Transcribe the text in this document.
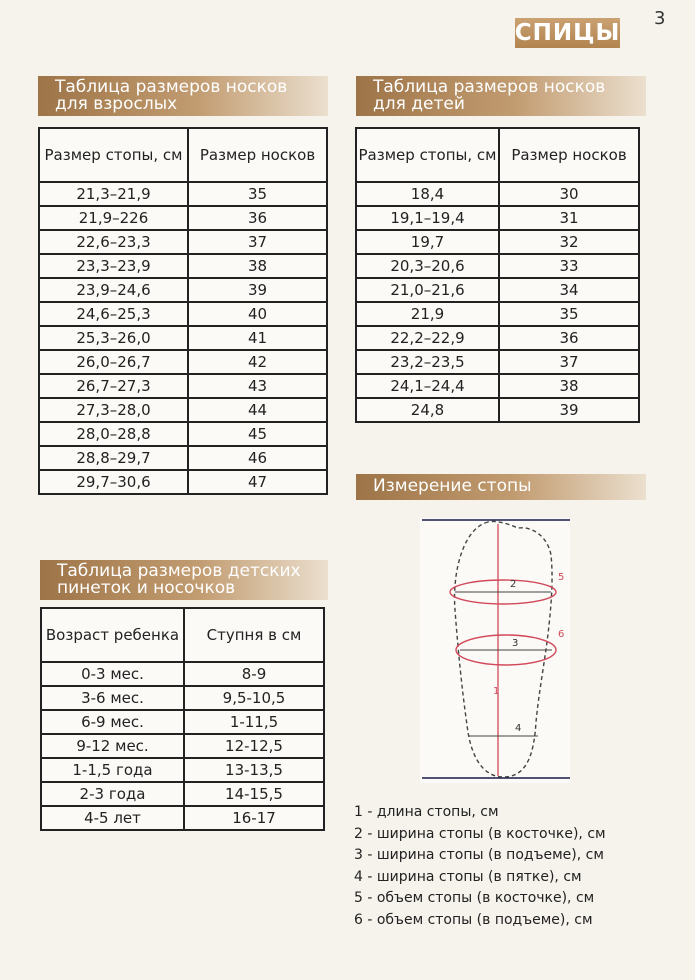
3
СПИЦЫ
Таблица размеров носков
для взрослых
Размер стопы, см	Размер носков
21,3–21,9	35
21,9–226	36
22,6–23,3	37
23,3–23,9	38
23,9–24,6	39
24,6–25,3	40
25,3–26,0	41
26,0–26,7	42
26,7–27,3	43
27,3–28,0	44
28,0–28,8	45
28,8–29,7	46
29,7–30,6	47
Таблица размеров носков
для детей
Размер стопы, см	Размер носков
18,4	30
19,1–19,4	31
19,7	32
20,3–20,6	33
21,0–21,6	34
21,9	35
22,2–22,9	36
23,2–23,5	37
24,1–24,4	38
24,8	39
Таблица размеров детских
пинеток и носочков
Возраст ребенка	Ступня в см
0-3 мес.	8-9
3-6 мес.	9,5-10,5
6-9 мес.	1-11,5
9-12 мес.	12-12,5
1-1,5 года	13-13,5
2-3 года	14-15,5
4-5 лет	16-17
Измерение стопы
1
2
3
4
5
6
1 - длина стопы, см
2 - ширина стопы (в косточке), см
3 - ширина стопы (в подъеме), см
4 - ширина стопы (в пятке), см
5 - объем стопы (в косточке), см
6 - объем стопы (в подъеме), см
